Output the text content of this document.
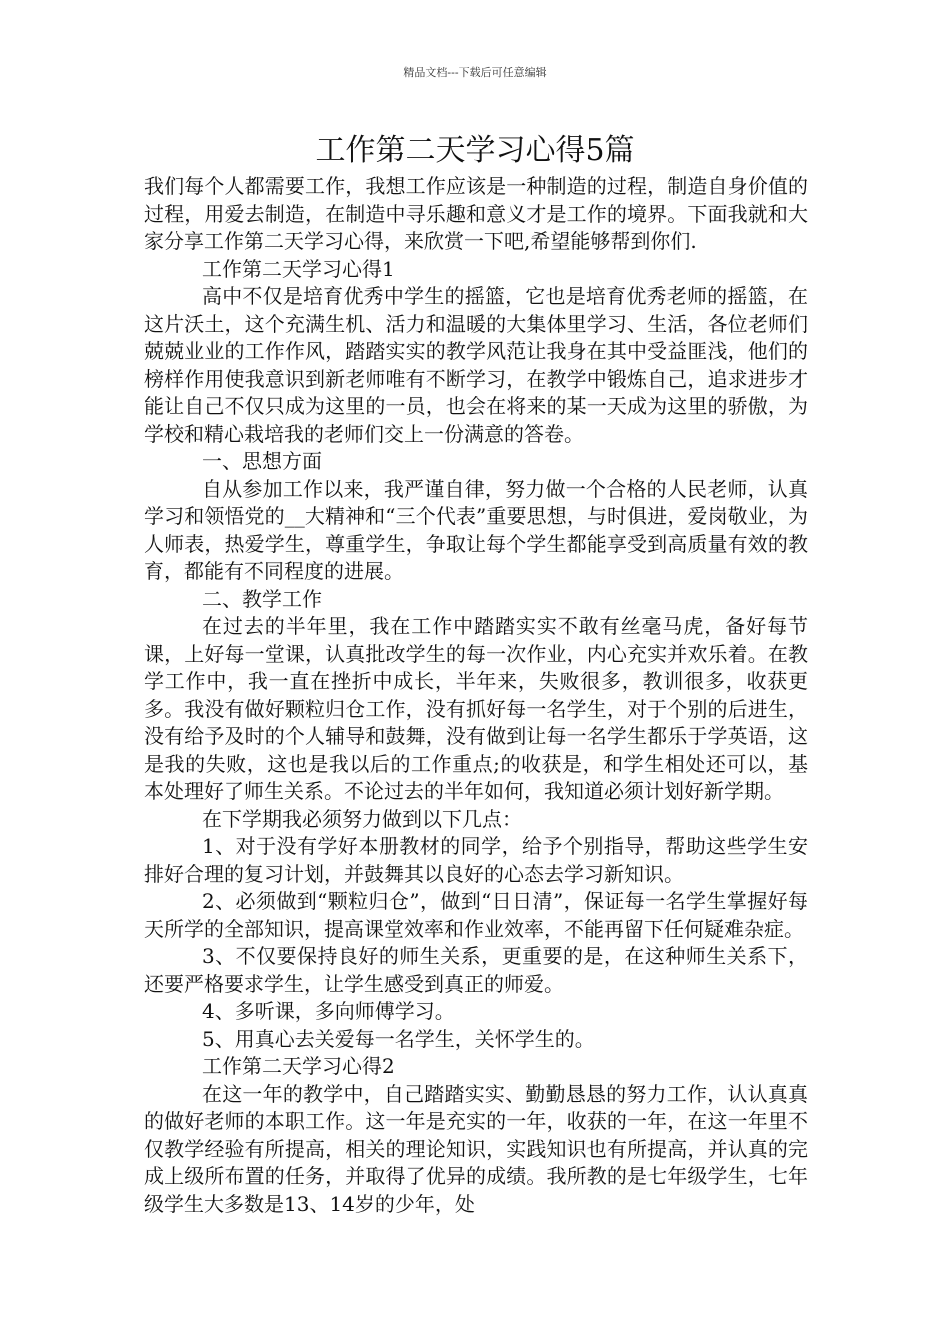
精品文档---下载后可任意编辑
工作第二天学习心得5篇

我们每个人都需要工作，我想工作应该是一种制造的过程，制造自身价值的过程，用爱去制造，在制造中寻乐趣和意义才是工作的境界。下面我就和大家分享工作第二天学习心得，来欣赏一下吧,希望能够帮到你们.

工作第二天学习心得1

高中不仅是培育优秀中学生的摇篮，它也是培育优秀老师的摇篮，在这片沃土，这个充满生机、活力和温暖的大集体里学习、生活，各位老师们兢兢业业的工作作风，踏踏实实的教学风范让我身在其中受益匪浅，他们的榜样作用使我意识到新老师唯有不断学习，在教学中锻炼自己，追求进步才能让自己不仅只成为这里的一员，也会在将来的某一天成为这里的骄傲，为学校和精心栽培我的老师们交上一份满意的答卷。

一、思想方面

自从参加工作以来，我严谨自律，努力做一个合格的人民老师，认真学习和领悟党的__大精神和“三个代表”重要思想，与时俱进，爱岗敬业，为人师表，热爱学生，尊重学生，争取让每个学生都能享受到高质量有效的教育，都能有不同程度的进展。

二、教学工作

在过去的半年里，我在工作中踏踏实实不敢有丝毫马虎，备好每节课，上好每一堂课，认真批改学生的每一次作业，内心充实并欢乐着。在教学工作中，我一直在挫折中成长，半年来，失败很多，教训很多，收获更多。我没有做好颗粒归仓工作，没有抓好每一名学生，对于个别的后进生，没有给予及时的个人辅导和鼓舞，没有做到让每一名学生都乐于学英语，这是我的失败，这也是我以后的工作重点;的收获是，和学生相处还可以，基本处理好了师生关系。不论过去的半年如何，我知道必须计划好新学期。

在下学期我必须努力做到以下几点：

1、对于没有学好本册教材的同学，给予个别指导，帮助这些学生安排好合理的复习计划，并鼓舞其以良好的心态去学习新知识。

2、必须做到“颗粒归仓”，做到“日日清”，保证每一名学生掌握好每天所学的全部知识，提高课堂效率和作业效率，不能再留下任何疑难杂症。

3、不仅要保持良好的师生关系，更重要的是，在这种师生关系下，还要严格要求学生，让学生感受到真正的师爱。

4、多听课，多向师傅学习。

5、用真心去关爱每一名学生，关怀学生的。

工作第二天学习心得2

在这一年的教学中，自己踏踏实实、勤勤恳恳的努力工作，认认真真的做好老师的本职工作。这一年是充实的一年，收获的一年，在这一年里不仅教学经验有所提高，相关的理论知识，实践知识也有所提高，并认真的完成上级所布置的任务，并取得了优异的成绩。我所教的是七年级学生，七年级学生大多数是13、14岁的少年，处
